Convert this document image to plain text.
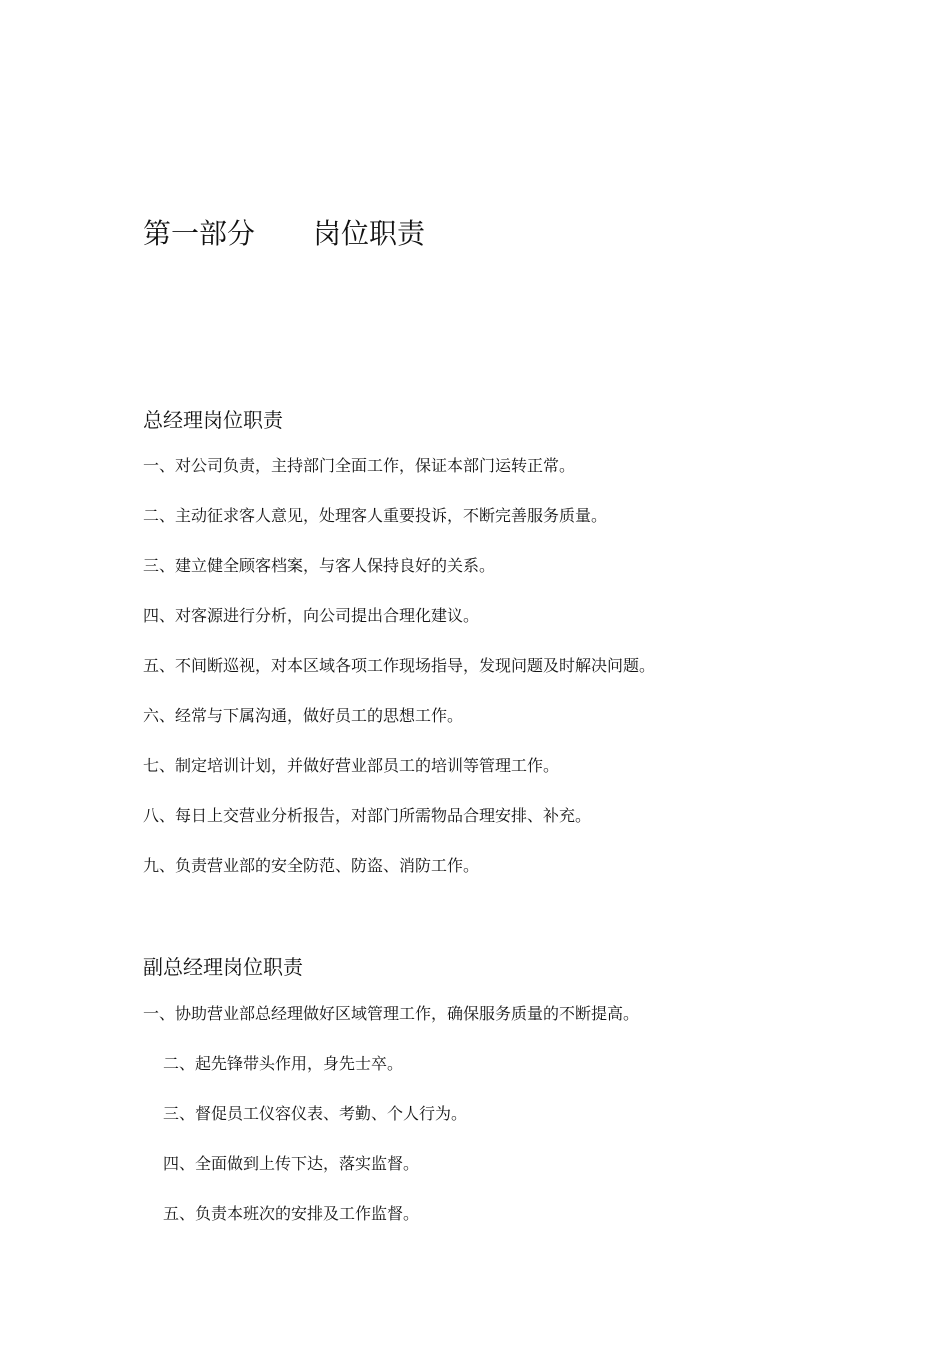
第一部分 岗位职责
总经理岗位职责

一、对公司负责，主持部门全面工作，保证本部门运转正常。

二、主动征求客人意见，处理客人重要投诉，不断完善服务质量。

三、建立健全顾客档案，与客人保持良好的关系。

四、对客源进行分析，向公司提出合理化建议。

五、不间断巡视，对本区域各项工作现场指导，发现问题及时解决问题。

六、经常与下属沟通，做好员工的思想工作。

七、制定培训计划，并做好营业部员工的培训等管理工作。

八、每日上交营业分析报告，对部门所需物品合理安排、补充。

九、负责营业部的安全防范、防盗、消防工作。

副总经理岗位职责

一、协助营业部总经理做好区域管理工作，确保服务质量的不断提高。

二、起先锋带头作用，身先士卒。

三、督促员工仪容仪表、考勤、个人行为。

四、全面做到上传下达，落实监督。

五、负责本班次的安排及工作监督。
